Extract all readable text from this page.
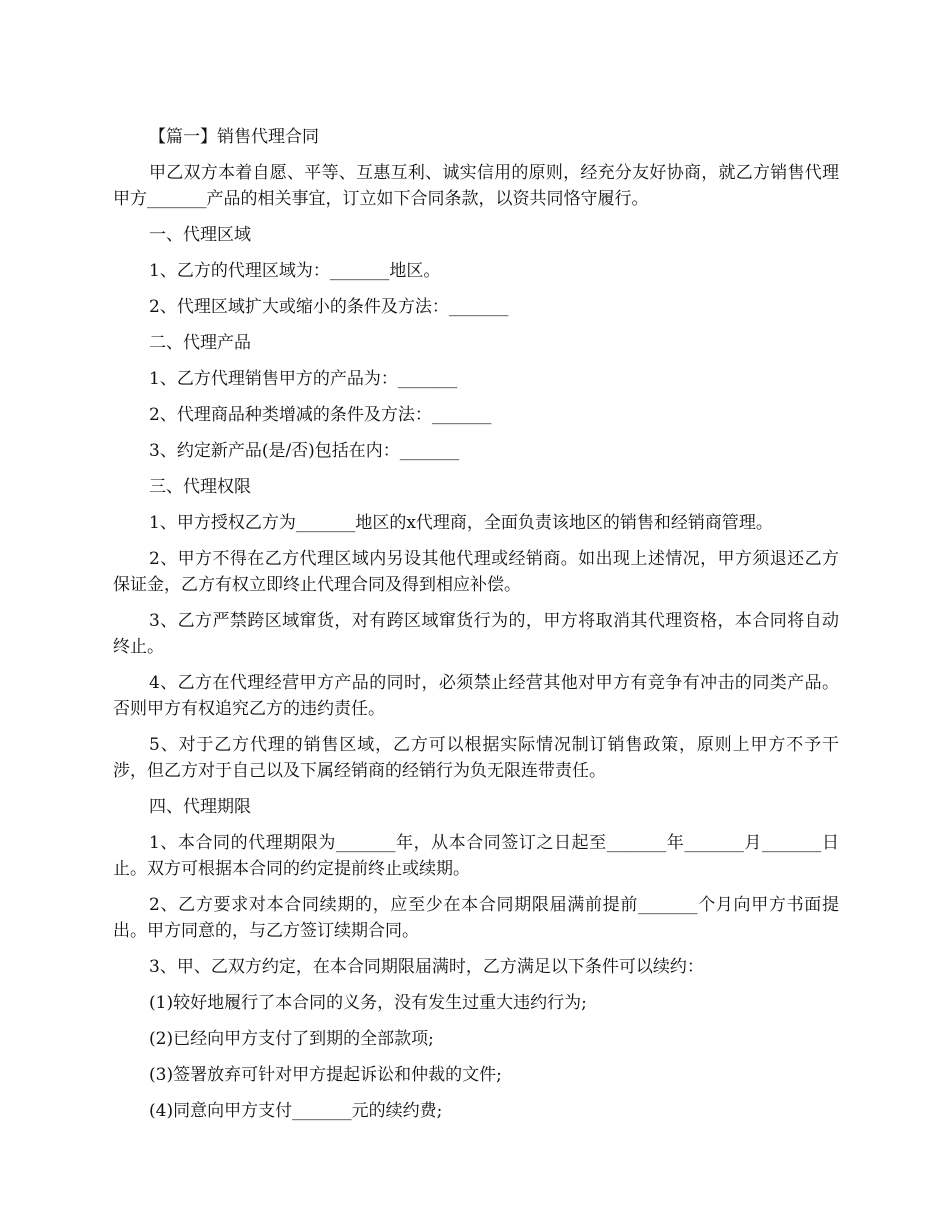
【篇一】销售代理合同

甲乙双方本着自愿、平等、互惠互利、诚实信用的原则，经充分友好协商，就乙方销售代理甲方_______产品的相关事宜，订立如下合同条款，以资共同恪守履行。

一、代理区域

1、乙方的代理区域为：_______地区。

2、代理区域扩大或缩小的条件及方法：_______

二、代理产品

1、乙方代理销售甲方的产品为：_______

2、代理商品种类增减的条件及方法：_______

3、约定新产品(是/否)包括在内：_______

三、代理权限

1、甲方授权乙方为_______地区的x代理商，全面负责该地区的销售和经销商管理。

2、甲方不得在乙方代理区域内另设其他代理或经销商。如出现上述情况，甲方须退还乙方保证金，乙方有权立即终止代理合同及得到相应补偿。

3、乙方严禁跨区域窜货，对有跨区域窜货行为的，甲方将取消其代理资格，本合同将自动终止。

4、乙方在代理经营甲方产品的同时，必须禁止经营其他对甲方有竞争有冲击的同类产品。否则甲方有权追究乙方的违约责任。

5、对于乙方代理的销售区域，乙方可以根据实际情况制订销售政策，原则上甲方不予干涉，但乙方对于自己以及下属经销商的经销行为负无限连带责任。

四、代理期限

1、本合同的代理期限为_______年，从本合同签订之日起至_______年_______月_______日止。双方可根据本合同的约定提前终止或续期。

2、乙方要求对本合同续期的，应至少在本合同期限届满前提前_______个月向甲方书面提出。甲方同意的，与乙方签订续期合同。

3、甲、乙双方约定，在本合同期限届满时，乙方满足以下条件可以续约：

(1)较好地履行了本合同的义务，没有发生过重大违约行为;

(2)已经向甲方支付了到期的全部款项;

(3)签署放弃可针对甲方提起诉讼和仲裁的文件;

(4)同意向甲方支付_______元的续约费;
